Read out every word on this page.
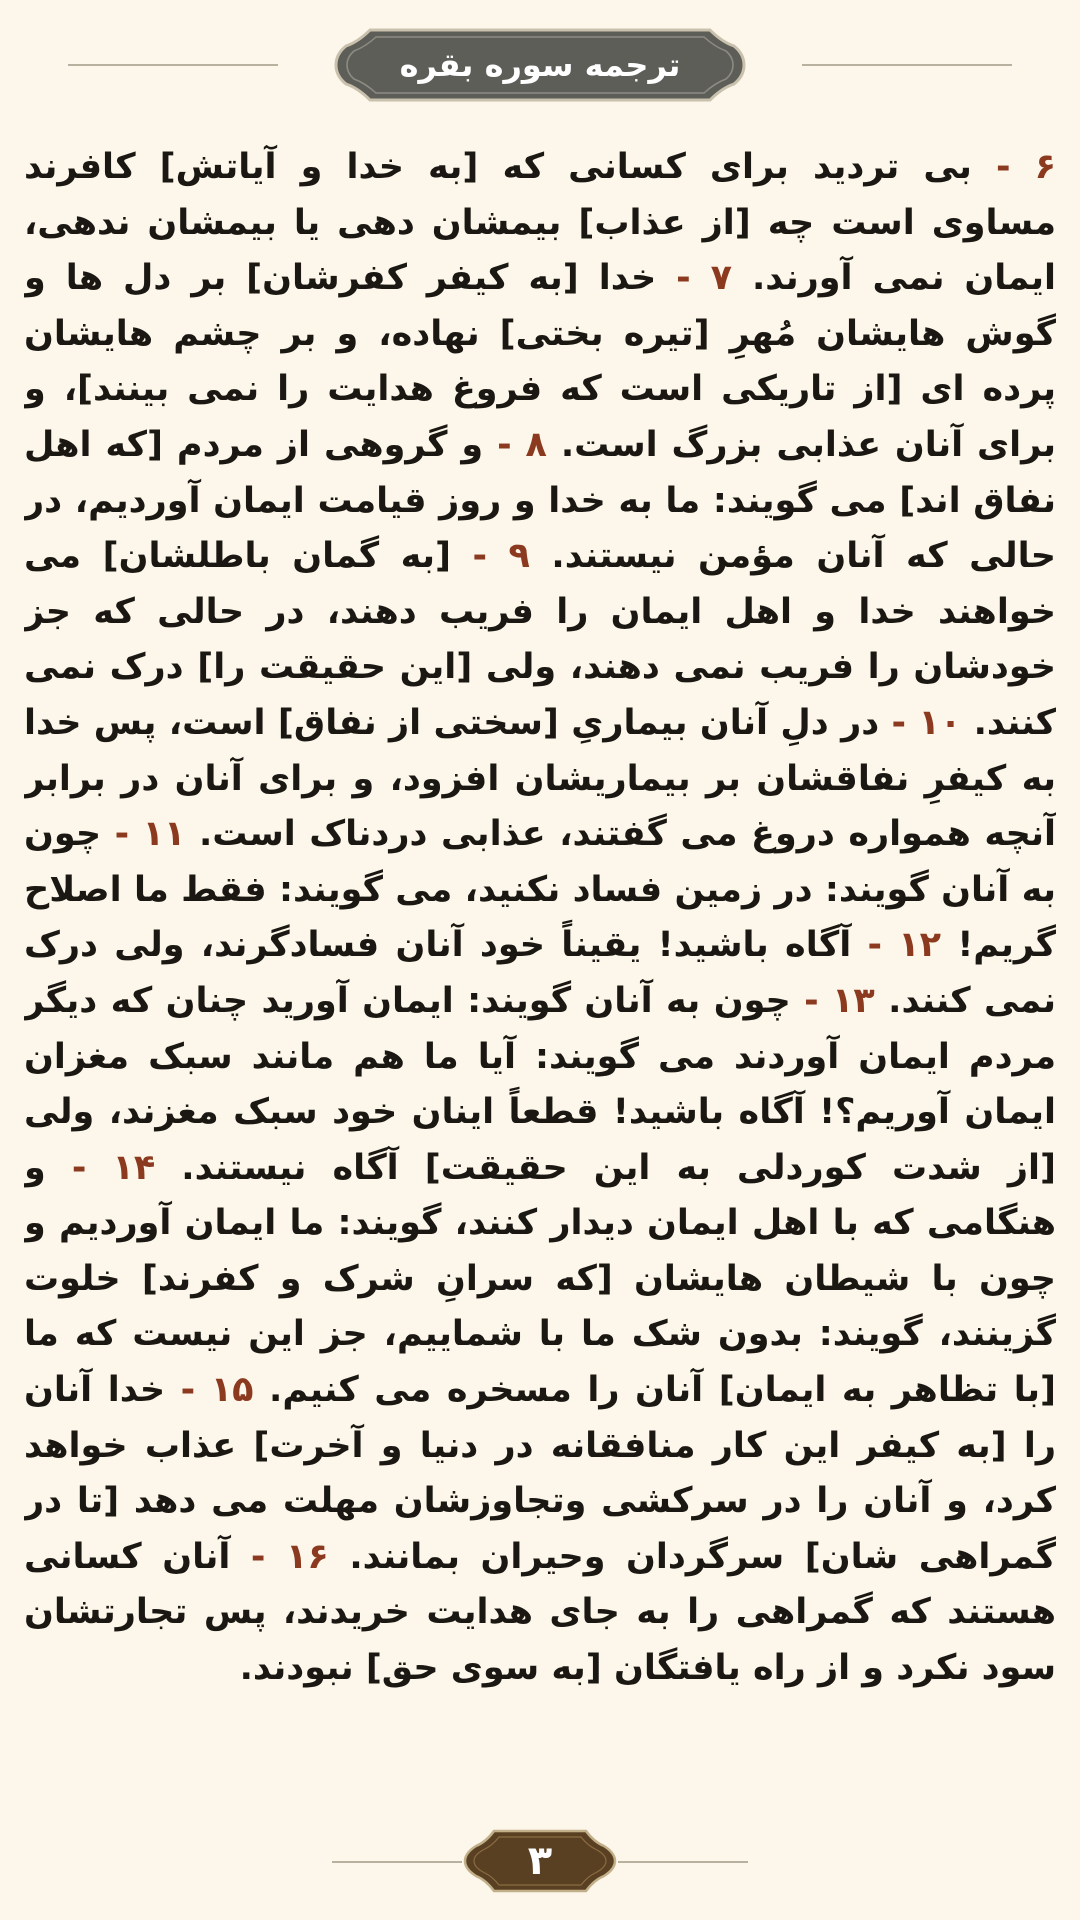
ترجمه سوره بقره
۶ - بی تردید برای کسانی که [به خدا و آیاتش] کافرند مساوی است چه [از عذاب] بیمشان دهی یا بیمشان ندهی، ایمان نمی آورند. ۷ - خدا [به کیفر کفرشان] بر دل ها و گوش هایشان مُهرِ [تیره بختی] نهاده، و بر چشم هایشان پرده ای [از تاریکی است که فروغ هدایت را نمی بینند]، و برای آنان عذابی بزرگ است. ۸ - و گروهی از مردم [که اهل نفاق اند] می گویند: ما به خدا و روز قیامت ایمان آوردیم، در حالی که آنان مؤمن نیستند. ۹ - [به گمان باطلشان] می خواهند خدا و اهل ایمان را فریب دهند، در حالی که جز خودشان را فریب نمی دهند، ولی [این حقیقت را] درک نمی کنند. ۱۰ - در دلِ آنان بیماریِ [سختی از نفاق] است، پس خدا به کیفرِ نفاقشان بر بیماریشان افزود، و برای آنان در برابر آنچه همواره دروغ می گفتند، عذابی دردناک است. ۱۱ - چون به آنان گویند: در زمین فساد نکنید، می گویند: فقط ما اصلاح گریم! ۱۲ - آگاه باشید! یقیناً خود آنان فسادگرند، ولی درک نمی کنند. ۱۳ - چون به آنان گویند: ایمان آورید چنان که دیگر مردم ایمان آوردند می گویند: آیا ما هم مانند سبک مغزان ایمان آوریم؟! آگاه باشید! قطعاً اینان خود سبک مغزند، ولی [از شدت کوردلی به این حقیقت] آگاه نیستند. ۱۴ - و هنگامی که با اهل ایمان دیدار کنند، گویند: ما ایمان آوردیم و چون با شیطان هایشان [که سرانِ شرک و کفرند] خلوت گزینند، گویند: بدون شک ما با شماییم، جز این نیست که ما [با تظاهر به ایمان] آنان را مسخره می کنیم. ۱۵ - خدا آنان را [به کیفر این کار منافقانه در دنیا و آخرت] عذاب خواهد کرد، و آنان را در سرکشی وتجاوزشان مهلت می دهد [تا در گمراهی شان] سرگردان وحیران بمانند. ۱۶ - آنان کسانی هستند که گمراهی را به جای هدایت خریدند، پس تجارتشان سود نکرد و از راه یافتگان [به سوی حق] نبودند.
۳
